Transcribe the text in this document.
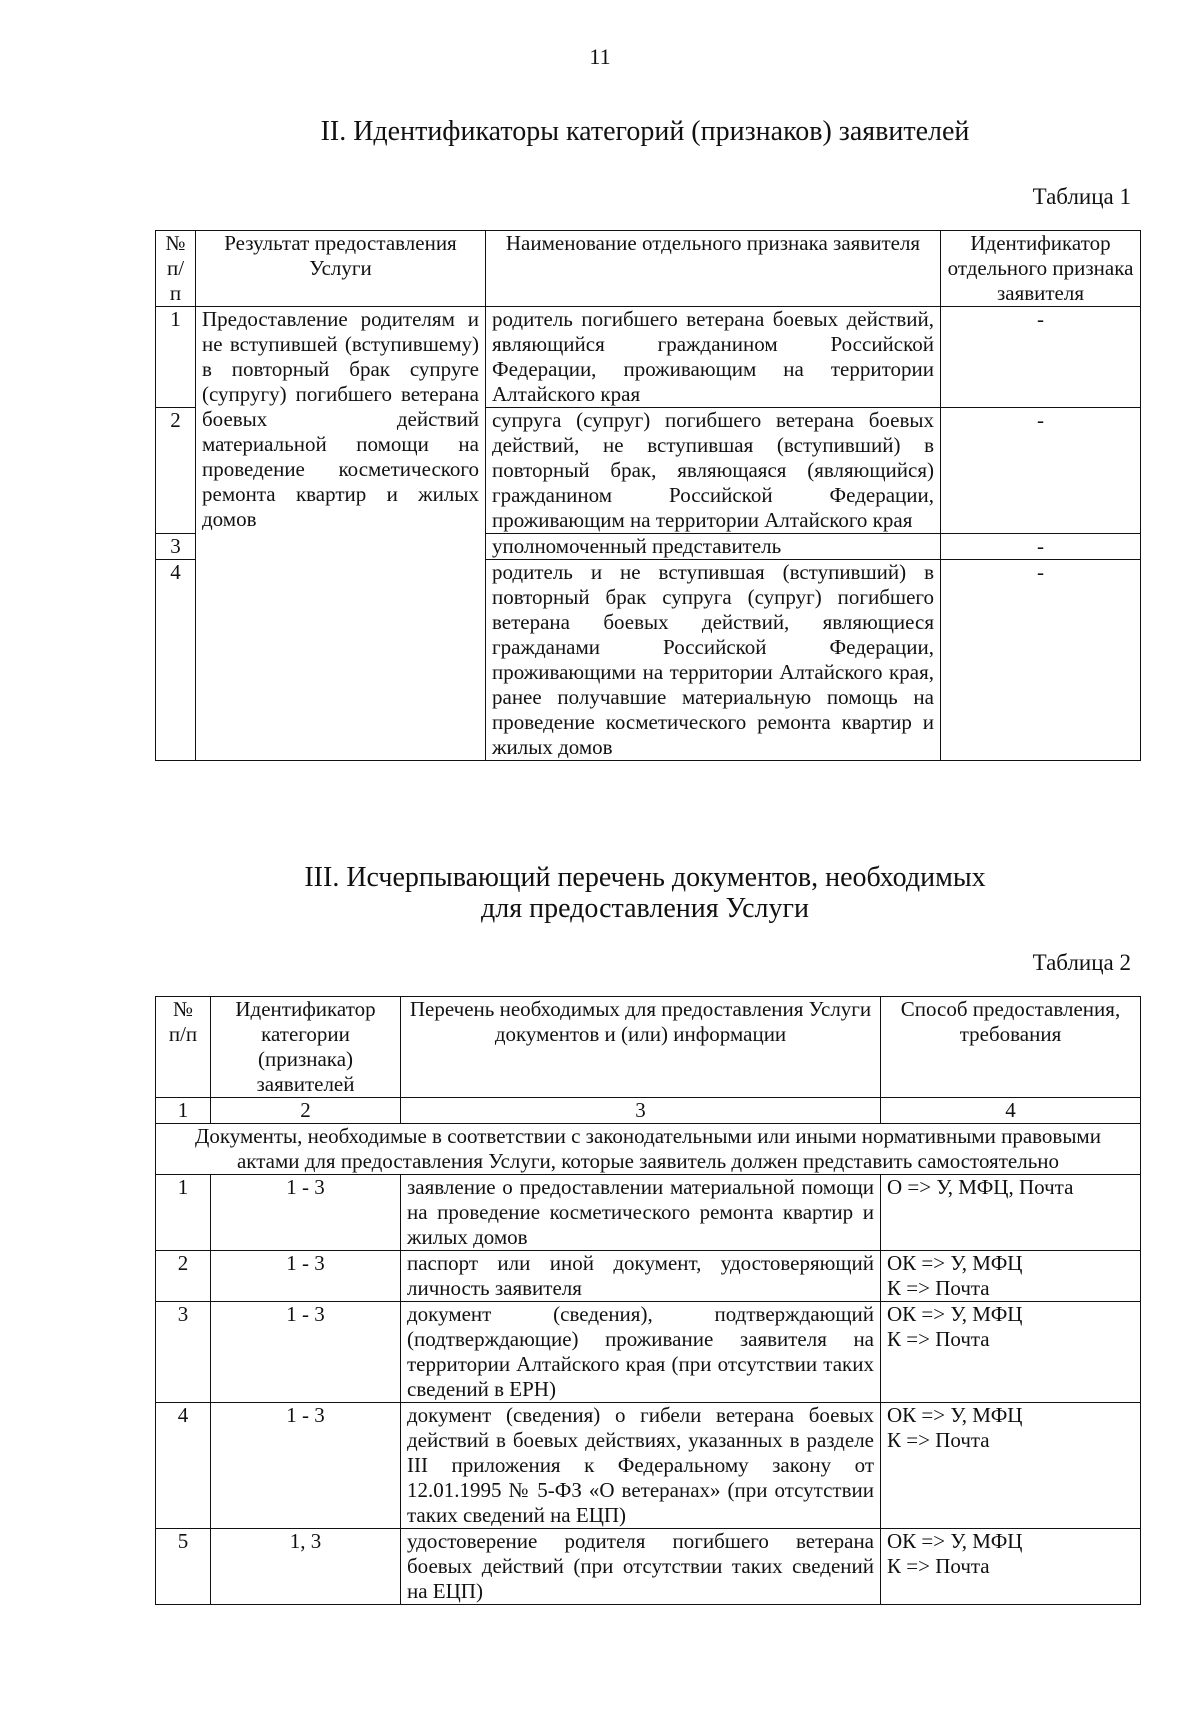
11
II. Идентификаторы категорий (признаков) заявителей
Таблица 1
№ п/п	Результат предоставления Услуги	Наименование отдельного признака заявителя	Идентификатор отдельного признака заявителя
1	Предоставление родителям и не вступившей (вступившему) в повторный брак супруге (супругу) погибшего ветерана боевых действий материальной помощи на проведение косметического ремонта квартир и жилых домов	родитель погибшего ветерана боевых действий, являющийся гражданином Российской Федерации, проживающим на территории Алтайского края	-
2		супруга (супруг) погибшего ветерана боевых действий, не вступившая (вступивший) в повторный брак, являющаяся (являющийся) гражданином Российской Федерации, проживающим на территории Алтайского края	-
3		уполномоченный представитель	-
4		родитель и не вступившая (вступивший) в повторный брак супруга (супруг) погибшего ветерана боевых действий, являющиеся гражданами Российской Федерации, проживающими на территории Алтайского края, ранее получавшие материальную помощь на проведение косметического ремонта квартир и жилых домов	-
III. Исчерпывающий перечень документов, необходимых
для предоставления Услуги
Таблица 2
№ п/п	Идентификатор категории (признака) заявителей	Перечень необходимых для предоставления Услуги документов и (или) информации	Способ предоставления, требования
1	2	3	4
Документы, необходимые в соответствии с законодательными или иными нормативными правовыми актами для предоставления Услуги, которые заявитель должен представить самостоятельно			
1	1 - 3	заявление о предоставлении материальной помощи на проведение косметического ремонта квартир и жилых домов	О => У, МФЦ, Почта

2	1 - 3	паспорт или иной документ, удостоверяющий личность заявителя	ОК => У, МФЦ
К => Почта

3	1 - 3	документ (сведения), подтверждающий (подтверждающие) проживание заявителя на территории Алтайского края (при отсутствии таких сведений в ЕРН)	ОК => У, МФЦ
К => Почта

4	1 - 3	документ (сведения) о гибели ветерана боевых действий в боевых действиях, указанных в разделе III приложения к Федеральному закону от 12.01.1995 № 5-ФЗ «О ветеранах» (при отсутствии таких сведений на ЕЦП)	ОК => У, МФЦ
К => Почта

5	1, 3	удостоверение родителя погибшего ветерана боевых действий (при отсутствии таких сведений на ЕЦП)	ОК => У, МФЦ
К => Почта
